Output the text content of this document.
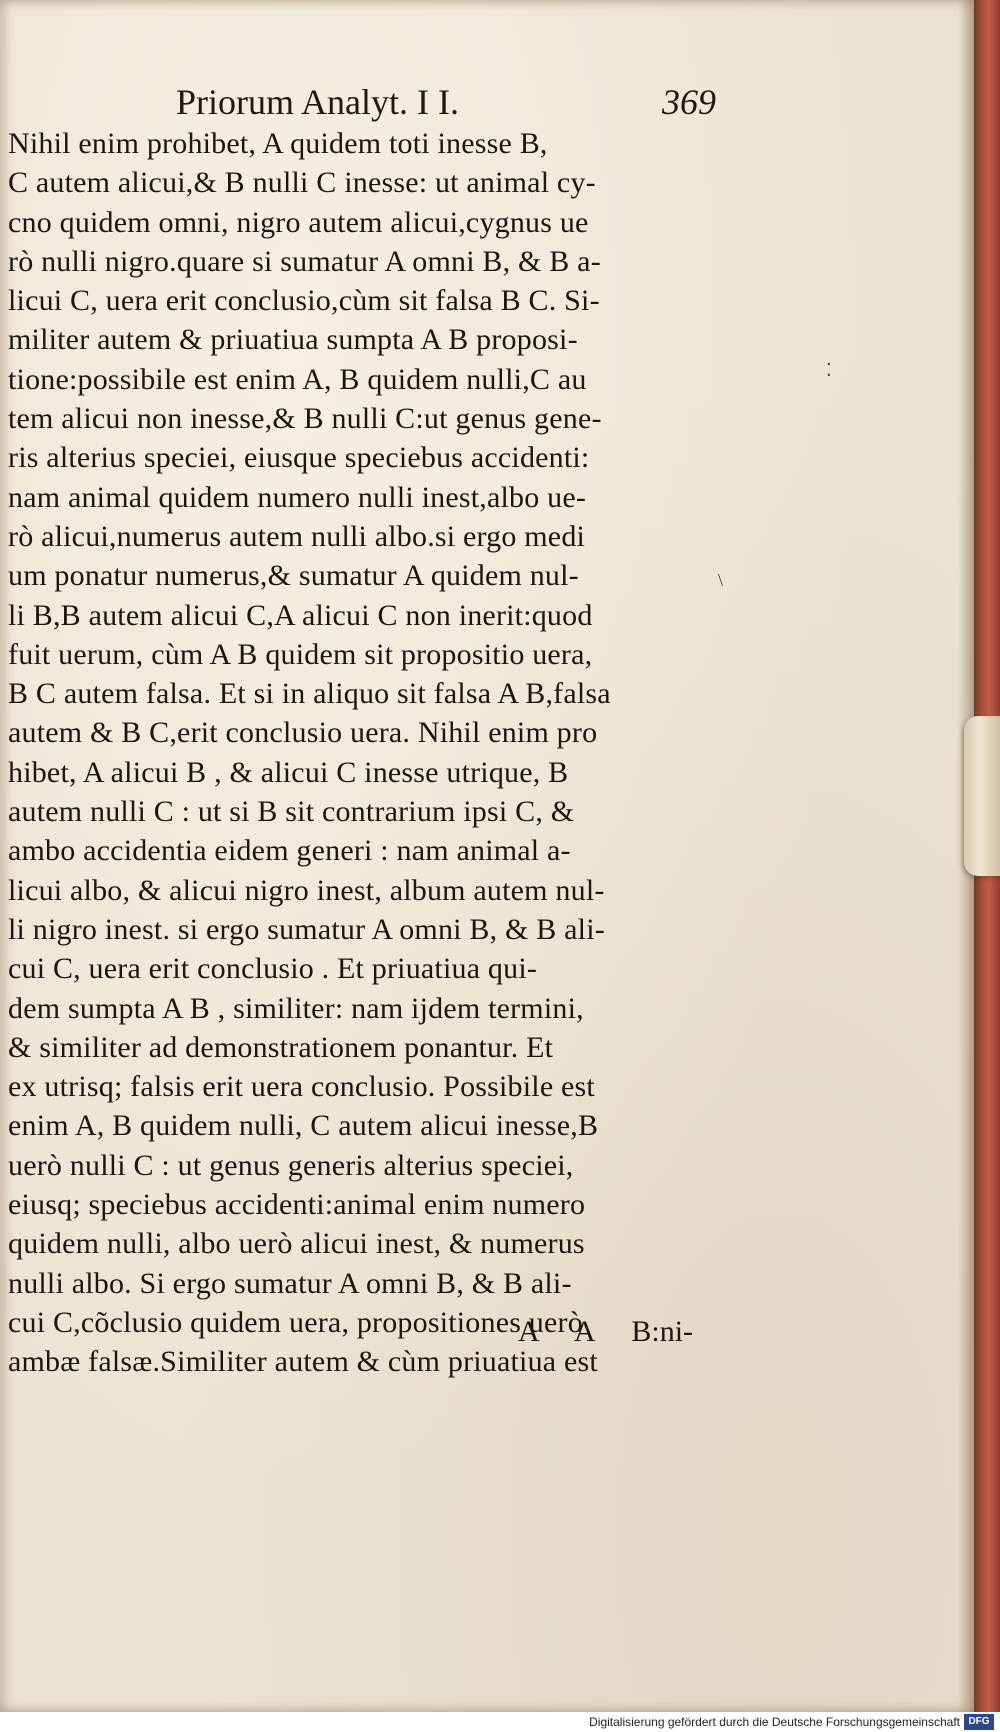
Priorum Analyt. I I.	369
Nihil enim prohibet, A quidem toti inesse B,
C autem alicui,& B nulli C inesse: ut animal cy-
cno quidem omni, nigro autem alicui,cygnus ue
rò nulli nigro.quare si sumatur A omni B, & B a-
licui C, uera erit conclusio,cùm sit falsa B C. Si-
militer autem & priuatiua sumpta A B proposi-
tione:possibile est enim A, B quidem nulli,C au
tem alicui non inesse,& B nulli C:ut genus gene-
ris alterius speciei, eiusque speciebus accidenti:
nam animal quidem numero nulli inest,albo ue-
rò alicui,numerus autem nulli albo.si ergo medi
um ponatur numerus,& sumatur A quidem nul-
li B,B autem alicui C,A alicui C non inerit:quod
fuit uerum, cùm A B quidem sit propositio uera,
B C autem falsa. Et si in aliquo sit falsa A B,falsa
autem & B C,erit conclusio uera. Nihil enim pro
hibet, A alicui B , & alicui C inesse utrique, B
autem nulli C : ut si B sit contrarium ipsi C, &
ambo accidentia eidem generi : nam animal a-
licui albo, & alicui nigro inest, album autem nul-
li nigro inest. si ergo sumatur A omni B, & B ali-
cui C, uera erit conclusio . Et priuatiua qui-
dem sumpta A B , similiter: nam ijdem termini,
& similiter ad demonstrationem ponantur. Et
ex utrisq; falsis erit uera conclusio. Possibile est
enim A, B quidem nulli, C autem alicui inesse,B
uerò nulli C : ut genus generis alterius speciei,
eiusq; speciebus accidenti:animal enim numero
quidem nulli, albo uerò alicui inest, & numerus
nulli albo. Si ergo sumatur A omni B, & B ali-
cui C,cõclusio quidem uera, propositiones uerò
ambæ falsæ.Similiter autem & cùm priuatiua est
A A B:ni-
⁚
\
Digitalisierung gefördert durch die Deutsche Forschungsgemeinschaft DFG
